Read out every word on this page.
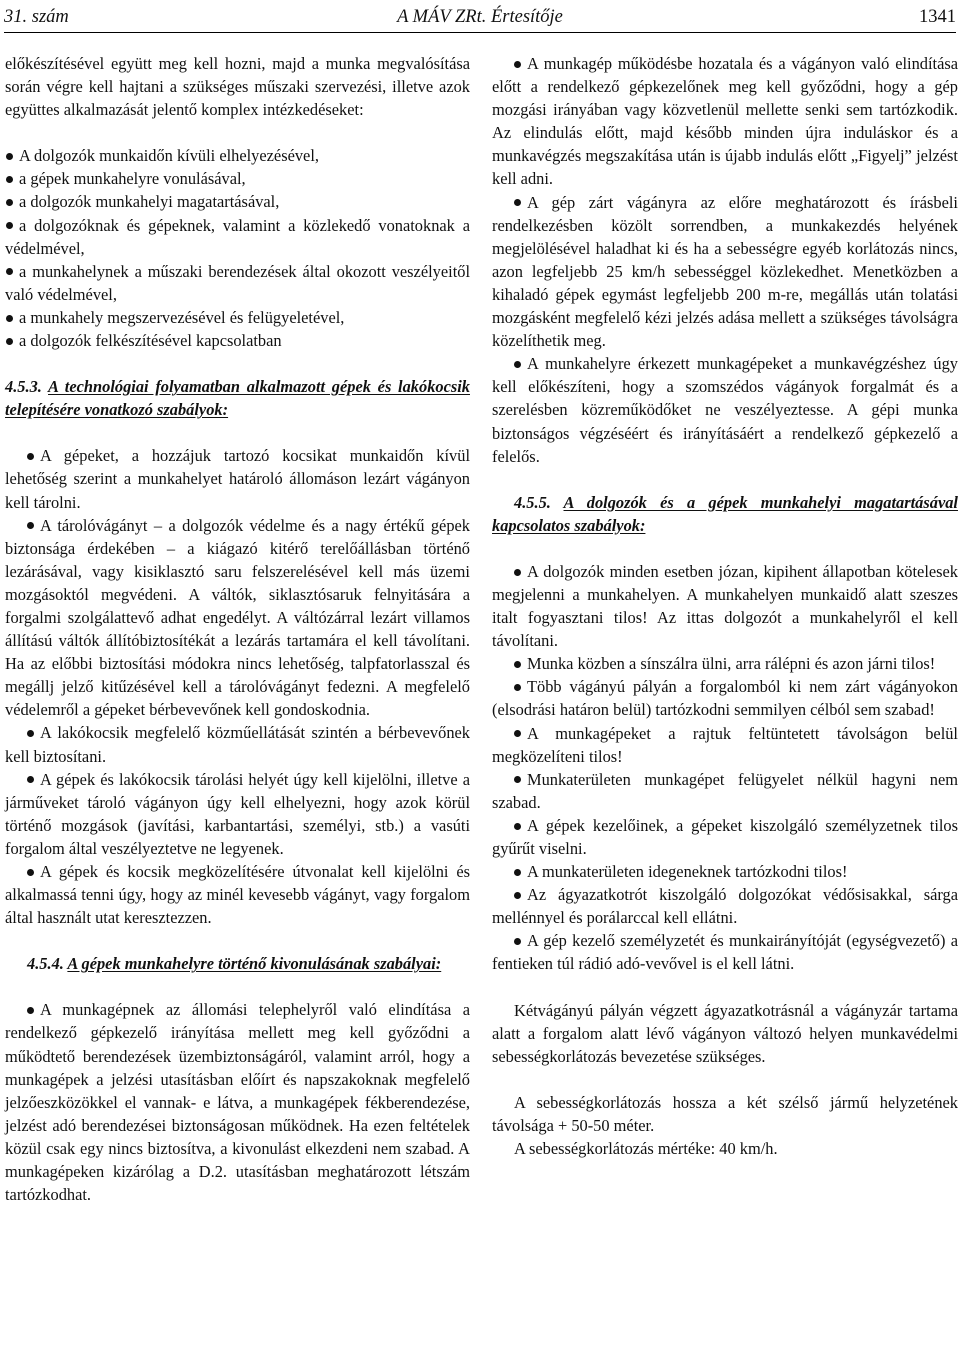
31. szám	A MÁV ZRt. Értesítője	1341

előkészítésével együtt meg kell hozni, majd a munka megvalósítása során végre kell hajtani a szükséges műszaki szervezési, illetve azok együttes alkalmazását jelentő komplex intézkedéseket:

A dolgozók munkaidőn kívüli elhelyezésével,

a gépek munkahelyre vonulásával,

a dolgozók munkahelyi magatartásával,

a dolgozóknak és gépeknek, valamint a közlekedő vonatoknak a védelmével,

a munkahelynek a műszaki berendezések által okozott veszélyeitől való védelmével,

a munkahely megszervezésével és felügyeletével,

a dolgozók felkészítésével kapcsolatban

4.5.3. A technológiai folyamatban alkalmazott gépek és lakókocsik telepítésére vonatkozó szabályok:

A gépeket, a hozzájuk tartozó kocsikat munkaidőn kívül lehetőség szerint a munkahelyet határoló állomáson lezárt vágányon kell tárolni.

A tárolóvágányt – a dolgozók védelme és a nagy értékű gépek biztonsága érdekében – a kiágazó kitérő terelőállásban történő lezárásával, vagy kisiklasztó saru felszerelésével kell más üzemi mozgásoktól megvédeni. A váltók, siklasztósaruk felnyitására a forgalmi szolgálattevő adhat engedélyt. A váltózárral lezárt villamos állítású váltók állítóbiztosítékát a lezárás tartamára el kell távolítani. Ha az előbbi biztosítási módokra nincs lehetőség, talpfatorlasszal és megállj jelző kitűzésével kell a tárolóvágányt fedezni. A megfelelő védelemről a gépeket bérbevevőnek kell gondoskodnia.

A lakókocsik megfelelő közműellátását szintén a bérbevevőnek kell biztosítani.

A gépek és lakókocsik tárolási helyét úgy kell kijelölni, illetve a járműveket tároló vágányon úgy kell elhelyezni, hogy azok körül történő mozgások (javítási, karbantartási, személyi, stb.) a vasúti forgalom által veszélyeztetve ne legyenek.

A gépek és kocsik megközelítésére útvonalat kell kijelölni és alkalmassá tenni úgy, hogy az minél kevesebb vágányt, vagy forgalom által használt utat keresztezzen.

4.5.4. A gépek munkahelyre történő kivonulásának szabályai:

A munkagépnek az állomási telephelyről való elindítása a rendelkező gépkezelő irányítása mellett meg kell győződni a működtető berendezések üzembiztonságáról, valamint arról, hogy a munkagépek a jelzési utasításban előírt és napszakoknak megfelelő jelzőeszközökkel el vannak- e látva, a munkagépek fékberendezése, jelzést adó berendezései biztonságosan működnek. Ha ezen feltételek közül csak egy nincs biztosítva, a kivonulást elkezdeni nem szabad. A munkagépeken kizárólag a D.2. utasításban meghatározott létszám tartózkodhat.

A munkagép működésbe hozatala és a vágányon való elindítása előtt a rendelkező gépkezelőnek meg kell győződni, hogy a gép mozgási irányában vagy közvetlenül mellette senki sem tartózkodik. Az elindulás előtt, majd később minden újra induláskor és a munkavégzés megszakítása után is újabb indulás előtt „Figyelj” jelzést kell adni.

A gép zárt vágányra az előre meghatározott és írásbeli rendelkezésben közölt sorrendben, a munkakezdés helyének megjelölésével haladhat ki és ha a sebességre egyéb korlátozás nincs, azon legfeljebb 25 km/h sebességgel közlekedhet. Menetközben a kihaladó gépek egymást legfeljebb 200 m-re, megállás után tolatási mozgásként megfelelő kézi jelzés adása mellett a szükséges távolságra közelíthetik meg.

A munkahelyre érkezett munkagépeket a munkavégzéshez úgy kell előkészíteni, hogy a szomszédos vágányok forgalmát és a szerelésben közreműködőket ne veszélyeztesse. A gépi munka biztonságos végzéséért és irányításáért a rendelkező gépkezelő a felelős.

4.5.5. A dolgozók és a gépek munkahelyi magatartásával kapcsolatos szabályok:

A dolgozók minden esetben józan, kipihent állapotban kötelesek megjelenni a munkahelyen. A munkahelyen munkaidő alatt szeszes italt fogyasztani tilos! Az ittas dolgozót a munkahelyről el kell távolítani.

Munka közben a sínszálra ülni, arra rálépni és azon járni tilos!

Több vágányú pályán a forgalomból ki nem zárt vágányokon (elsodrási határon belül) tartózkodni semmilyen célból sem szabad!

A munkagépeket a rajtuk feltüntetett távolságon belül megközelíteni tilos!

Munkaterületen munkagépet felügyelet nélkül hagyni nem szabad.

A gépek kezelőinek, a gépeket kiszolgáló személyzetnek tilos gyűrűt viselni.

A munkaterületen idegeneknek tartózkodni tilos!

Az ágyazatkotrót kiszolgáló dolgozókat védősisakkal, sárga mellénnyel és porálarccal kell ellátni.

A gép kezelő személyzetét és munkairányítóját (egységvezető) a fentieken túl rádió adó-vevővel is el kell látni.

Kétvágányú pályán végzett ágyazatkotrásnál a vágányzár tartama alatt a forgalom alatt lévő vágányon változó helyen munkavédelmi sebességkorlátozás bevezetése szükséges.

A sebességkorlátozás hossza a két szélső jármű helyzetének távolsága + 50-50 méter.

A sebességkorlátozás mértéke: 40 km/h.
